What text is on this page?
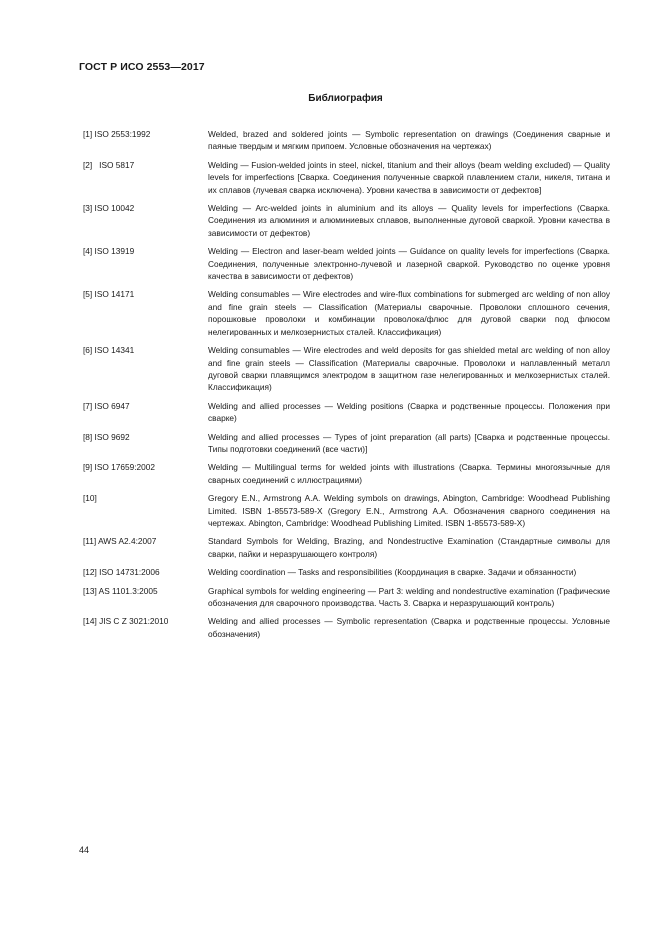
ГОСТ Р ИСО 2553—2017
Библиография
[1] ISO 2553:1992	Welded, brazed and soldered joints — Symbolic representation on drawings (Соединения сварные и паяные твердым и мягким припоем. Условные обозначения на чертежах)
[2]   ISO 5817	Welding — Fusion-welded joints in steel, nickel, titanium and their alloys (beam welding excluded) — Quality levels for imperfections [Сварка. Соединения полученные сваркой плавлением стали, никеля, титана и их сплавов (лучевая сварка исключена). Уровни качества в зависимости от дефектов]
[3] ISO 10042	Welding — Arc-welded joints in aluminium and its alloys — Quality levels for imperfections (Сварка. Соединения из алюминия и алюминиевых сплавов, выполненные дуговой сваркой. Уровни качества в зависимости от дефектов)
[4] ISO 13919	Welding — Electron and laser-beam welded joints — Guidance on quality levels for imperfections (Сварка. Соединения, полученные электронно-лучевой и лазерной сваркой. Руководство по оценке уровня качества в зависимости от дефектов)
[5] ISO 14171	Welding consumables — Wire electrodes and wire-flux combinations for submerged arc welding of non alloy and fine grain steels — Classification (Материалы сварочные. Проволоки сплошного сечения, порошковые проволоки и комбинации проволока/флюс для дуговой сварки под флюсом нелегированных и мелкозернистых сталей. Классификация)
[6] ISO 14341	Welding consumables — Wire electrodes and weld deposits for gas shielded metal arc welding of non alloy and fine grain steels — Classification (Материалы сварочные. Проволоки и наплавленный металл дуговой сварки плавящимся электродом в защитном газе нелегированных и мелкозернистых сталей. Классификация)
[7] ISO 6947	Welding and allied processes — Welding positions (Сварка и родственные процессы. Положения при сварке)
[8] ISO 9692	Welding and allied processes — Types of joint preparation (all parts) [Сварка и родственные процессы. Типы подготовки соединений (все части)]
[9] ISO 17659:2002	Welding — Multilingual terms for welded joints with illustrations (Сварка. Термины многоязычные для сварных соединений с иллюстрациями)
[10]	Gregory E.N., Armstrong A.A. Welding symbols on drawings, Abington, Cambridge: Woodhead Publishing Limited. ISBN 1-85573-589-X (Gregory E.N., Armstrong A.A. Обозначения сварного соединения на чертежах. Abington, Cambridge: Woodhead Publishing Limited. ISBN 1-85573-589-X)
[11] AWS A2.4:2007	Standard Symbols for Welding, Brazing, and Nondestructive Examination (Стандартные символы для сварки, пайки и неразрушающего контроля)
[12] ISO 14731:2006	Welding coordination — Tasks and responsibilities (Координация в сварке. Задачи и обязанности)
[13] AS 1101.3:2005	Graphical symbols for welding engineering — Part 3: welding and nondestructive examination (Графические обозначения для сварочного производства. Часть 3. Сварка и неразрушающий контроль)
[14] JIS C Z 3021:2010	Welding and allied processes — Symbolic representation (Сварка и родственные процессы. Условные обозначения)
44
